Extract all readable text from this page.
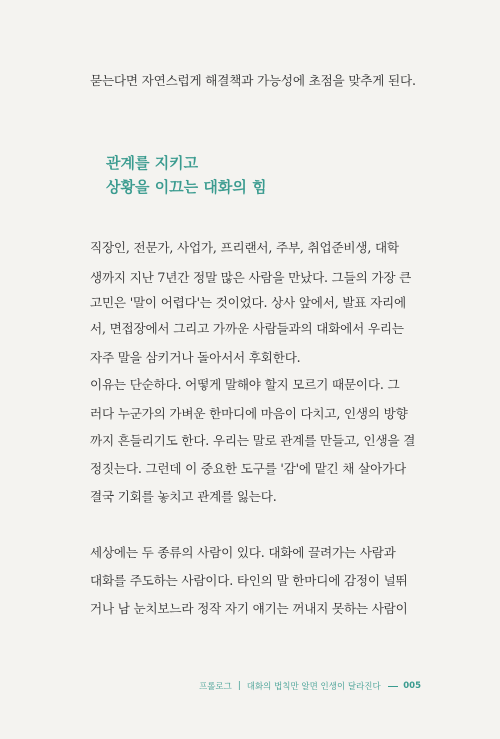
묻는다면 자연스럽게 해결책과 가능성에 초점을 맞추게 된다.
관계를 지키고
상황을 이끄는 대화의 힘
직장인, 전문가, 사업가, 프리랜서, 주부, 취업준비생, 대학
생까지 지난 7년간 정말 많은 사람을 만났다. 그들의 가장 큰
고민은 '말이 어렵다'는 것이었다. 상사 앞에서, 발표 자리에
서, 면접장에서 그리고 가까운 사람들과의 대화에서 우리는
자주 말을 삼키거나 돌아서서 후회한다.
이유는 단순하다. 어떻게 말해야 할지 모르기 때문이다. 그
러다 누군가의 가벼운 한마디에 마음이 다치고, 인생의 방향
까지 흔들리기도 한다. 우리는 말로 관계를 만들고, 인생을 결
정짓는다. 그런데 이 중요한 도구를 '감'에 맡긴 채 살아가다
결국 기회를 놓치고 관계를 잃는다.
세상에는 두 종류의 사람이 있다. 대화에 끌려가는 사람과
대화를 주도하는 사람이다. 타인의 말 한마디에 감정이 널뛰
거나 남 눈치보느라 정작 자기 얘기는 꺼내지 못하는 사람이
프롤로그 | 대화의 법칙만 알면 인생이 달라진다	005
